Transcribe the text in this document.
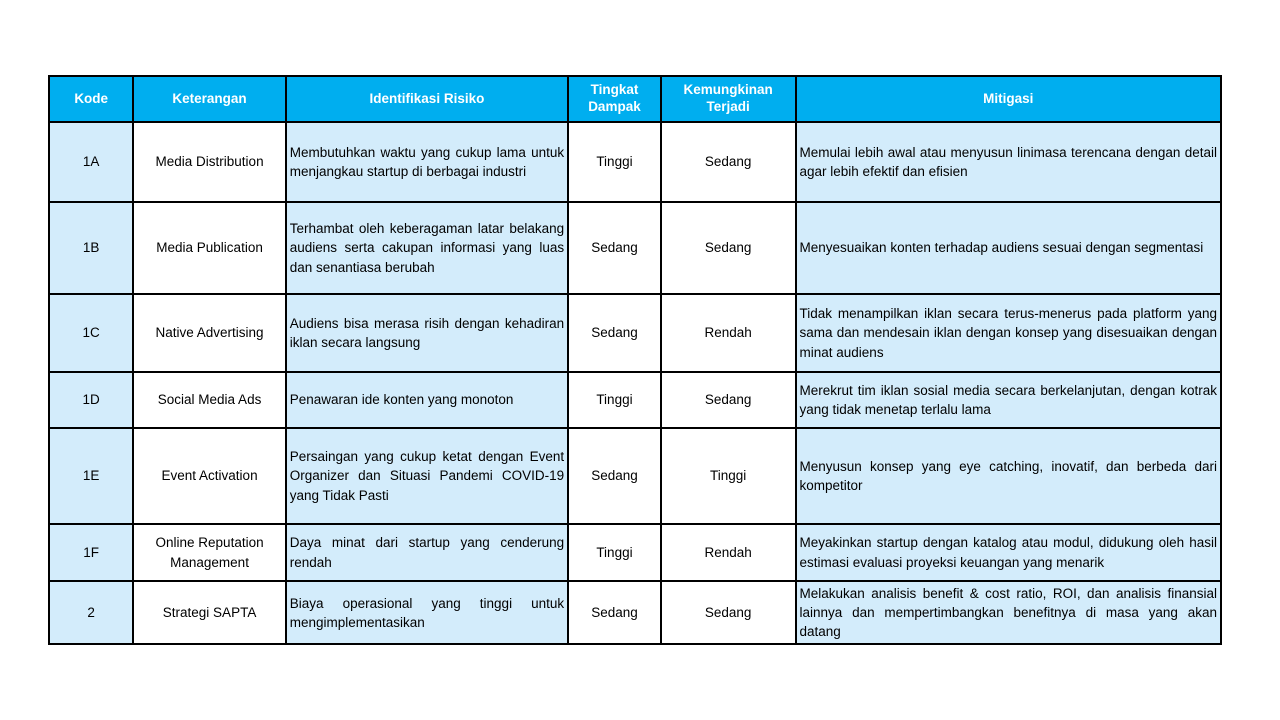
Kode	Keterangan	Identifikasi Risiko	Tingkat Dampak	Kemungkinan Terjadi	Mitigasi
1A	Media Distribution	Membutuhkan waktu yang cukup lama untuk menjangkau startup di berbagai industri	Tinggi	Sedang	Memulai lebih awal atau menyusun linimasa terencana dengan detail agar lebih efektif dan efisien
1B	Media Publication	Terhambat oleh keberagaman latar belakang audiens serta cakupan informasi yang luas dan senantiasa berubah	Sedang	Sedang	Menyesuaikan konten terhadap audiens sesuai dengan segmentasi
1C	Native Advertising	Audiens bisa merasa risih dengan kehadiran iklan secara langsung	Sedang	Rendah	Tidak menampilkan iklan secara terus-menerus pada platform yang sama dan mendesain iklan dengan konsep yang disesuaikan dengan minat audiens
1D	Social Media Ads	Penawaran ide konten yang monoton	Tinggi	Sedang	Merekrut tim iklan sosial media secara berkelanjutan, dengan kotrak yang tidak menetap terlalu lama
1E	Event Activation	Persaingan yang cukup ketat dengan Event Organizer dan Situasi Pandemi COVID-19 yang Tidak Pasti	Sedang	Tinggi	Menyusun konsep yang eye catching, inovatif, dan berbeda dari kompetitor
1F	Online Reputation Management	Daya minat dari startup yang cenderung rendah	Tinggi	Rendah	Meyakinkan startup dengan katalog atau modul, didukung oleh hasil estimasi evaluasi proyeksi keuangan yang menarik
2	Strategi SAPTA	Biaya operasional yang tinggi untuk mengimplementasikan	Sedang	Sedang	Melakukan analisis benefit & cost ratio, ROI, dan analisis finansial lainnya dan mempertimbangkan benefitnya di masa yang akan datang
